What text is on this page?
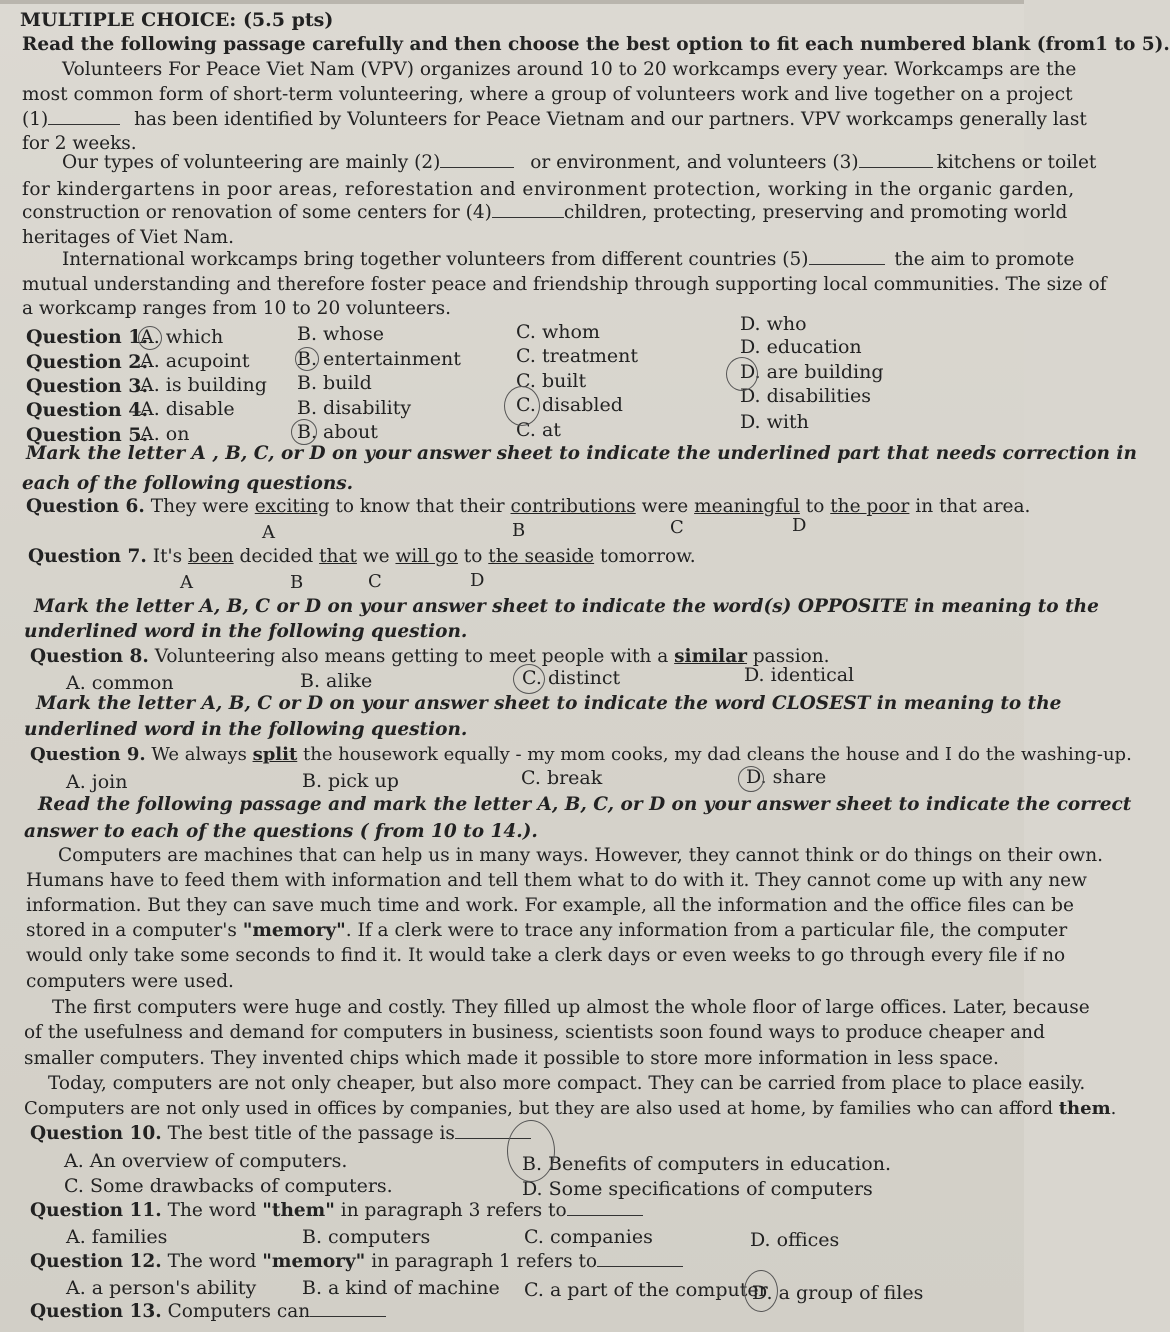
MULTIPLE CHOICE: (5.5 pts)
Read the following passage carefully and then choose the best option to fit each numbered blank (from1 to 5).
Volunteers For Peace Viet Nam (VPV) organizes around 10 to 20 workcamps every year. Workcamps are the
most common form of short-term volunteering, where a group of volunteers work and live together on a project
(1)	has been identified by Volunteers for Peace Vietnam and our partners. VPV workcamps generally last
for 2 weeks.
Our types of volunteering are mainly (2)	or environment, and volunteers (3)	kitchens or toilet
for kindergartens in poor areas, reforestation and environment protection, working in the organic garden,
construction or renovation of some centers for (4)	children, protecting, preserving and promoting world
heritages of Viet Nam.
International workcamps bring together volunteers from different countries (5)	the aim to promote
mutual understanding and therefore foster peace and friendship through supporting local communities. The size of
a workcamp ranges from 10 to 20 volunteers.
Question 1.
A. which	B. whose	C. whom	D. who
Question 2.
A. acupoint B. entertainment	C. treatment	D. education
Question 3.
A. is building B. build	C. built	D. are building
Question 4.
A. disable	B. disability	C. disabled	D. disabilities
Question 5.
A. on	B. about	C. at	D. with
Mark the letter A , B, C, or D on your answer sheet to indicate the underlined part that needs correction in
each of the following questions.
Question 6. They were exciting to know that their contributions were meaningful to the poor in that area.
A	B	C	D
Question 7. It's been decided that we will go to the seaside tomorrow.
A	B	C	D
Mark the letter A, B, C or D on your answer sheet to indicate the word(s) OPPOSITE in meaning to the
underlined word in the following question.
Question 8. Volunteering also means getting to meet people with a similar passion.
A. common	B. alike	C. distinct	D. identical
Mark the letter A, B, C or D on your answer sheet to indicate the word CLOSEST in meaning to the
underlined word in the following question.
Question 9. We always split the housework equally - my mom cooks, my dad cleans the house and I do the washing-up.
A. join	B. pick up	C. break	D. share
Read the following passage and mark the letter A, B, C, or D on your answer sheet to indicate the correct
answer to each of the questions ( from 10 to 14.).
Computers are machines that can help us in many ways. However, they cannot think or do things on their own.
Humans have to feed them with information and tell them what to do with it. They cannot come up with any new
information. But they can save much time and work. For example, all the information and the office files can be
stored in a computer's "memory". If a clerk were to trace any information from a particular file, the computer
would only take some seconds to find it. It would take a clerk days or even weeks to go through every file if no
computers were used.
The first computers were huge and costly. They filled up almost the whole floor of large offices. Later, because
of the usefulness and demand for computers in business, scientists soon found ways to produce cheaper and
smaller computers. They invented chips which made it possible to store more information in less space.
Today, computers are not only cheaper, but also more compact. They can be carried from place to place easily.
Computers are not only used in offices by companies, but they are also used at home, by families who can afford them.
Question 10. The best title of the passage is
A. An overview of computers.	B. Benefits of computers in education.
C. Some drawbacks of computers.	D. Some specifications of computers
Question 11. The word "them" in paragraph 3 refers to
A. families	B. computers	C. companies	D. offices
Question 12. The word "memory" in paragraph 1 refers to
A. a person's ability B. a kind of machine C. a part of the computer
D. a group of files
Question 13. Computers can
